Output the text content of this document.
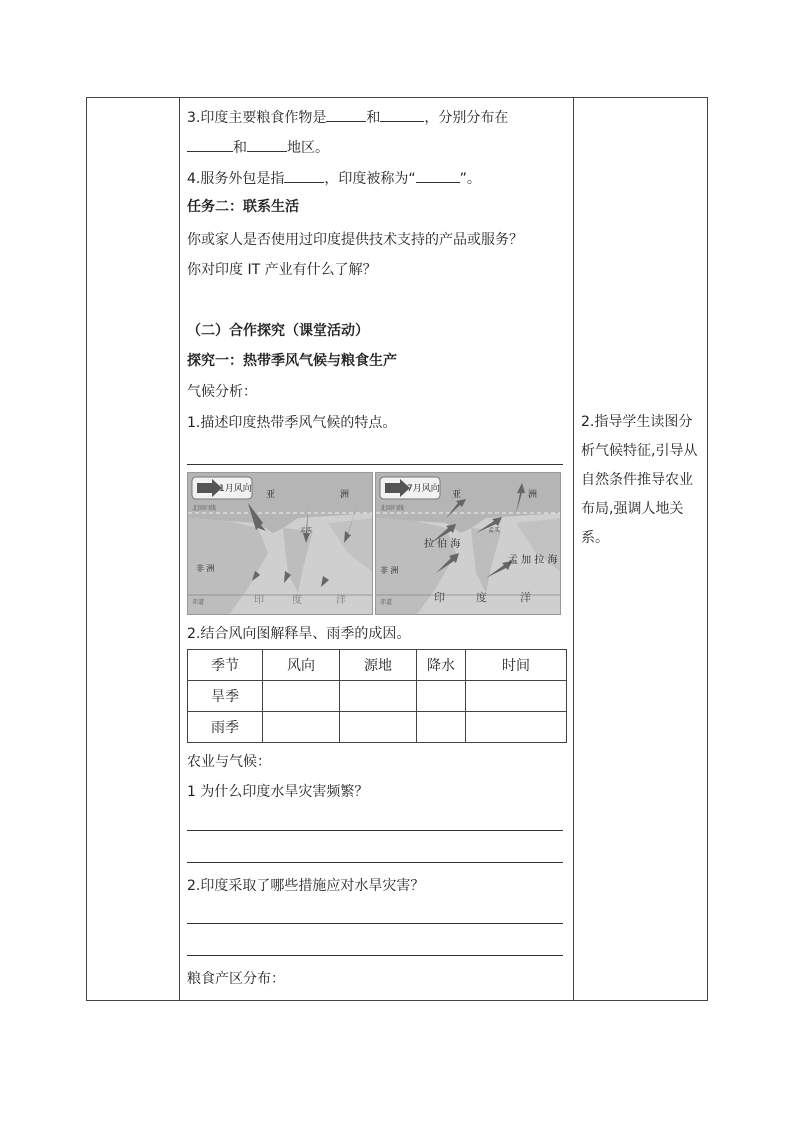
3.印度主要粮食作物是	和	，分别分布在
和	地区。
4.服务外包是指	，印度被称为“	”。
任务二：联系生活
你或家人是否使用过印度提供技术支持的产品或服务？
你对印度 IT 产业有什么了解？
（二）合作探究（课堂活动）
探究一：热带季风气候与粮食生产
气候分析：
1.描述印度热带季风气候的特点。
1月风向
亚	洲
北回归线
孟买
非 洲
赤道	印	度	洋
7月风向
亚	洲
北回归线
孟买
拉 伯 海
孟 加 拉 海
非 洲
赤道	印	度	洋
2.结合风向图解释旱、雨季的成因。
季节	风向	源地	降水	时间
旱季				
雨季				
农业与气候：
1 为什么印度水旱灾害频繁？
2.印度采取了哪些措施应对水旱灾害？
粮食产区分布：
2.指导学生读图分析气候特征,引导从自然条件推导农业布局,强调人地关系。
